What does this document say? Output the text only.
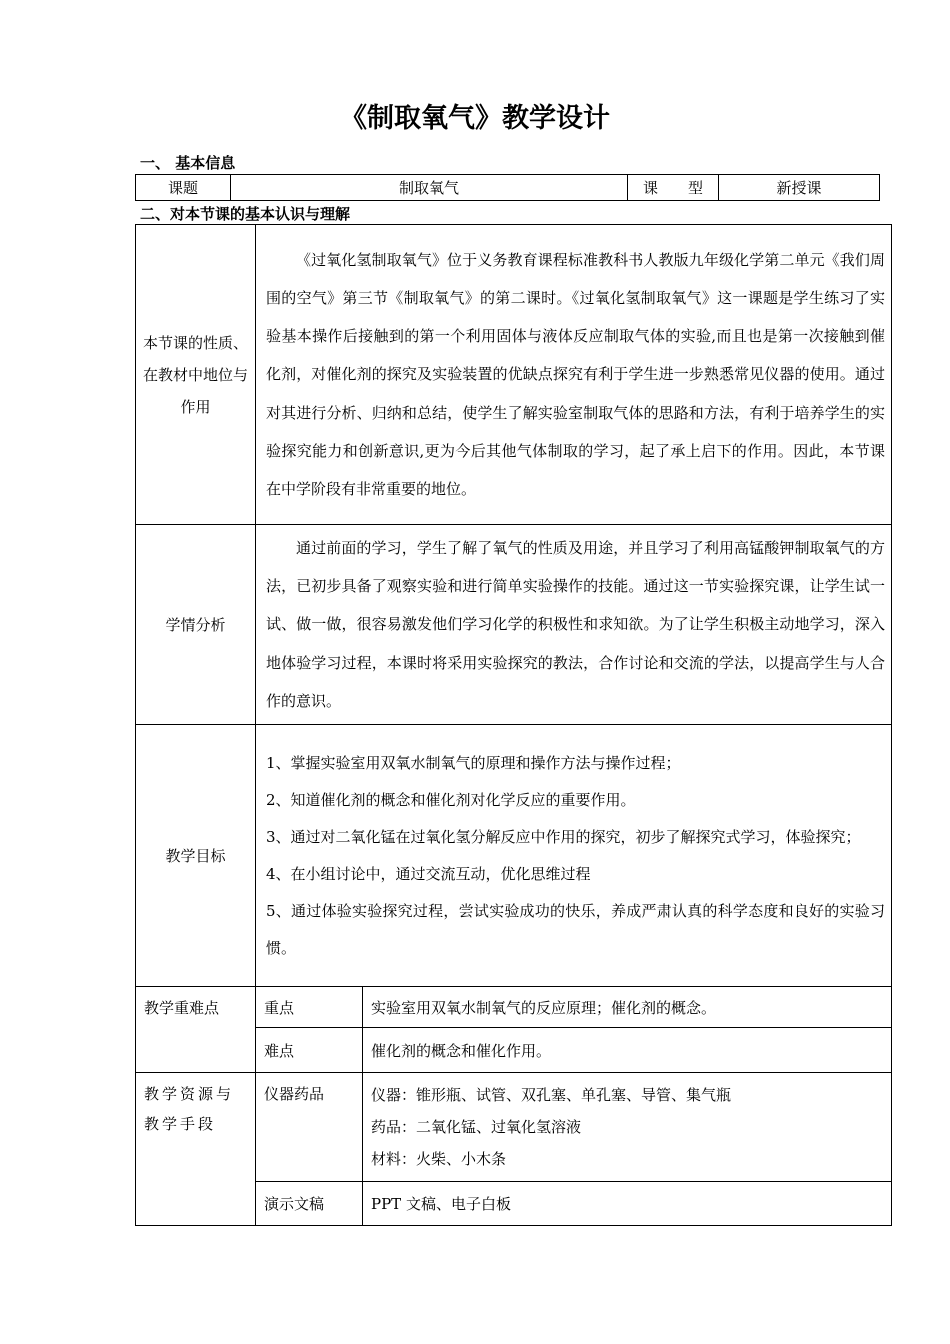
《制取氧气》教学设计
一、 基本信息
课题	制取氧气	课　　型	新授课
二、对本节课的基本认识与理解
本节课的性质、在教材中地位与作用	《过氧化氢制取氧气》位于义务教育课程标准教科书人教版九年级化学第二单元《我们周围的空气》第三节《制取氧气》的第二课时。《过氧化氢制取氧气》这一课题是学生练习了实验基本操作后接触到的第一个利用固体与液体反应制取气体的实验,而且也是第一次接触到催化剂，对催化剂的探究及实验装置的优缺点探究有利于学生进一步熟悉常见仪器的使用。通过对其进行分析、归纳和总结，使学生了解实验室制取气体的思路和方法，有利于培养学生的实验探究能力和创新意识,更为今后其他气体制取的学习，起了承上启下的作用。因此，本节课在中学阶段有非常重要的地位。	
学情分析	通过前面的学习，学生了解了氧气的性质及用途，并且学习了利用高锰酸钾制取氧气的方法，已初步具备了观察实验和进行简单实验操作的技能。通过这一节实验探究课，让学生试一试、做一做，很容易激发他们学习化学的积极性和求知欲。为了让学生积极主动地学习，深入地体验学习过程，本课时将采用实验探究的教法，合作讨论和交流的学法，以提高学生与人合作的意识。	
教学目标	1、掌握实验室用双氧水制氧气的原理和操作方法与操作过程；

2、知道催化剂的概念和催化剂对化学反应的重要作用。

3、通过对二氧化锰在过氧化氢分解反应中作用的探究，初步了解探究式学习，体验探究；

4、在小组讨论中，通过交流互动，优化思维过程

5、通过体验实验探究过程，尝试实验成功的快乐，养成严肃认真的科学态度和良好的实验习惯。	

教学重难点	重点	实验室用双氧水制氧气的反应原理；催化剂的概念。
	难点	催化剂的概念和催化作用。
教学资源与教学手段	仪器药品	仪器：锥形瓶、试管、双孔塞、单孔塞、导管、集气瓶
药品：二氧化锰、过氧化氢溶液
材料：火柴、小木条

	演示文稿	PPT 文稿、电子白板
